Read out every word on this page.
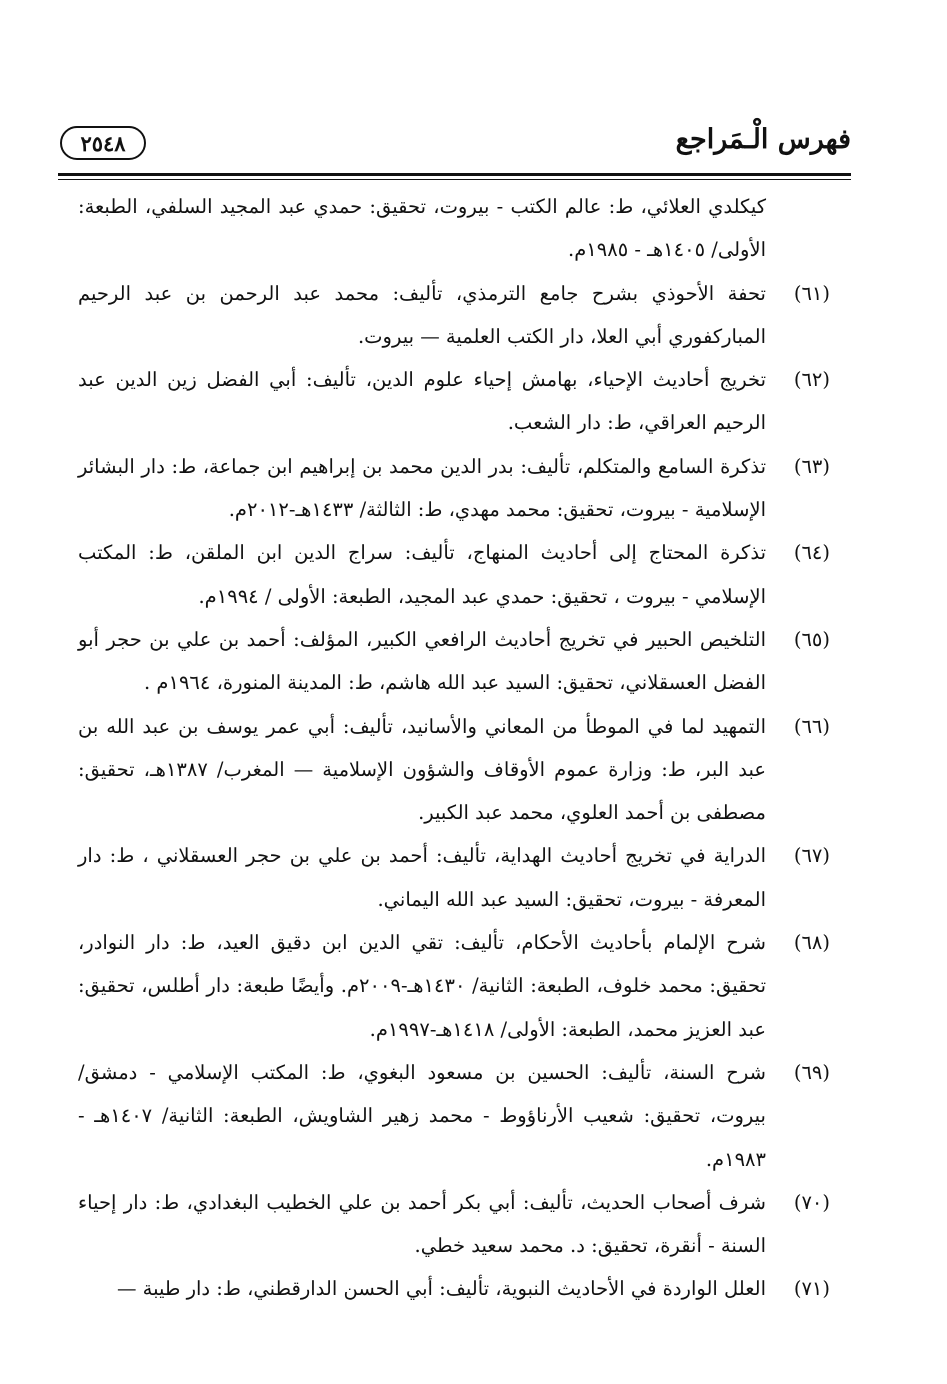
فهرس الْـمَراجع
٢٥٤٨
كيكلدي العلائي، ط: عالم الكتب - بيروت، تحقيق: حمدي عبد المجيد السلفي، الطبعة: الأولى/ ١٤٠٥هـ - ١٩٨٥م.
(٦١)
تحفة الأحوذي بشرح جامع الترمذي، تأليف: محمد عبد الرحمن بن عبد الرحيم المباركفوري أبي العلا، دار الكتب العلمية — بيروت.
(٦٢)
تخريج أحاديث الإحياء، بهامش إحياء علوم الدين، تأليف: أبي الفضل زين الدين عبد الرحيم العراقي، ط: دار الشعب.
(٦٣)
تذكرة السامع والمتكلم، تأليف: بدر الدين محمد بن إبراهيم ابن جماعة، ط: دار البشائر الإسلامية - بيروت، تحقيق: محمد مهدي، ط: الثالثة/ ١٤٣٣هـ-٢٠١٢م.
(٦٤)
تذكرة المحتاج إلى أحاديث المنهاج، تأليف: سراج الدين ابن الملقن، ط: المكتب الإسلامي - بيروت ، تحقيق: حمدي عبد المجيد، الطبعة: الأولى / ١٩٩٤م.
(٦٥)
التلخيص الحبير في تخريج أحاديث الرافعي الكبير، المؤلف: أحمد بن علي بن حجر أبو الفضل العسقلاني، تحقيق: السيد عبد الله هاشم، ط: المدينة المنورة، ١٩٦٤م .
(٦٦)
التمهيد لما في الموطأ من المعاني والأسانيد، تأليف: أبي عمر يوسف بن عبد الله بن عبد البر، ط: وزارة عموم الأوقاف والشؤون الإسلامية — المغرب/ ١٣٨٧هـ، تحقيق: مصطفى بن أحمد العلوي، محمد عبد الكبير.
(٦٧)
الدراية في تخريج أحاديث الهداية، تأليف: أحمد بن علي بن حجر العسقلاني ، ط: دار المعرفة - بيروت، تحقيق: السيد عبد الله اليماني.
(٦٨)
شرح الإلمام بأحاديث الأحكام، تأليف: تقي الدين ابن دقيق العيد، ط: دار النوادر، تحقيق: محمد خلوف، الطبعة: الثانية/ ١٤٣٠هـ-٢٠٠٩م. وأيضًا طبعة: دار أطلس، تحقيق: عبد العزيز محمد، الطبعة: الأولى/ ١٤١٨هـ-١٩٩٧م.
(٦٩)
شرح السنة، تأليف: الحسين بن مسعود البغوي، ط: المكتب الإسلامي - دمشق/ بيروت، تحقيق: شعيب الأرناؤوط - محمد زهير الشاويش، الطبعة: الثانية/ ١٤٠٧هـ - ١٩٨٣م.
(٧٠)
شرف أصحاب الحديث، تأليف: أبي بكر أحمد بن علي الخطيب البغدادي، ط: دار إحياء السنة - أنقرة، تحقيق: د. محمد سعيد خطي.
(٧١)
العلل الواردة في الأحاديث النبوية، تأليف: أبي الحسن الدارقطني، ط: دار طيبة —
